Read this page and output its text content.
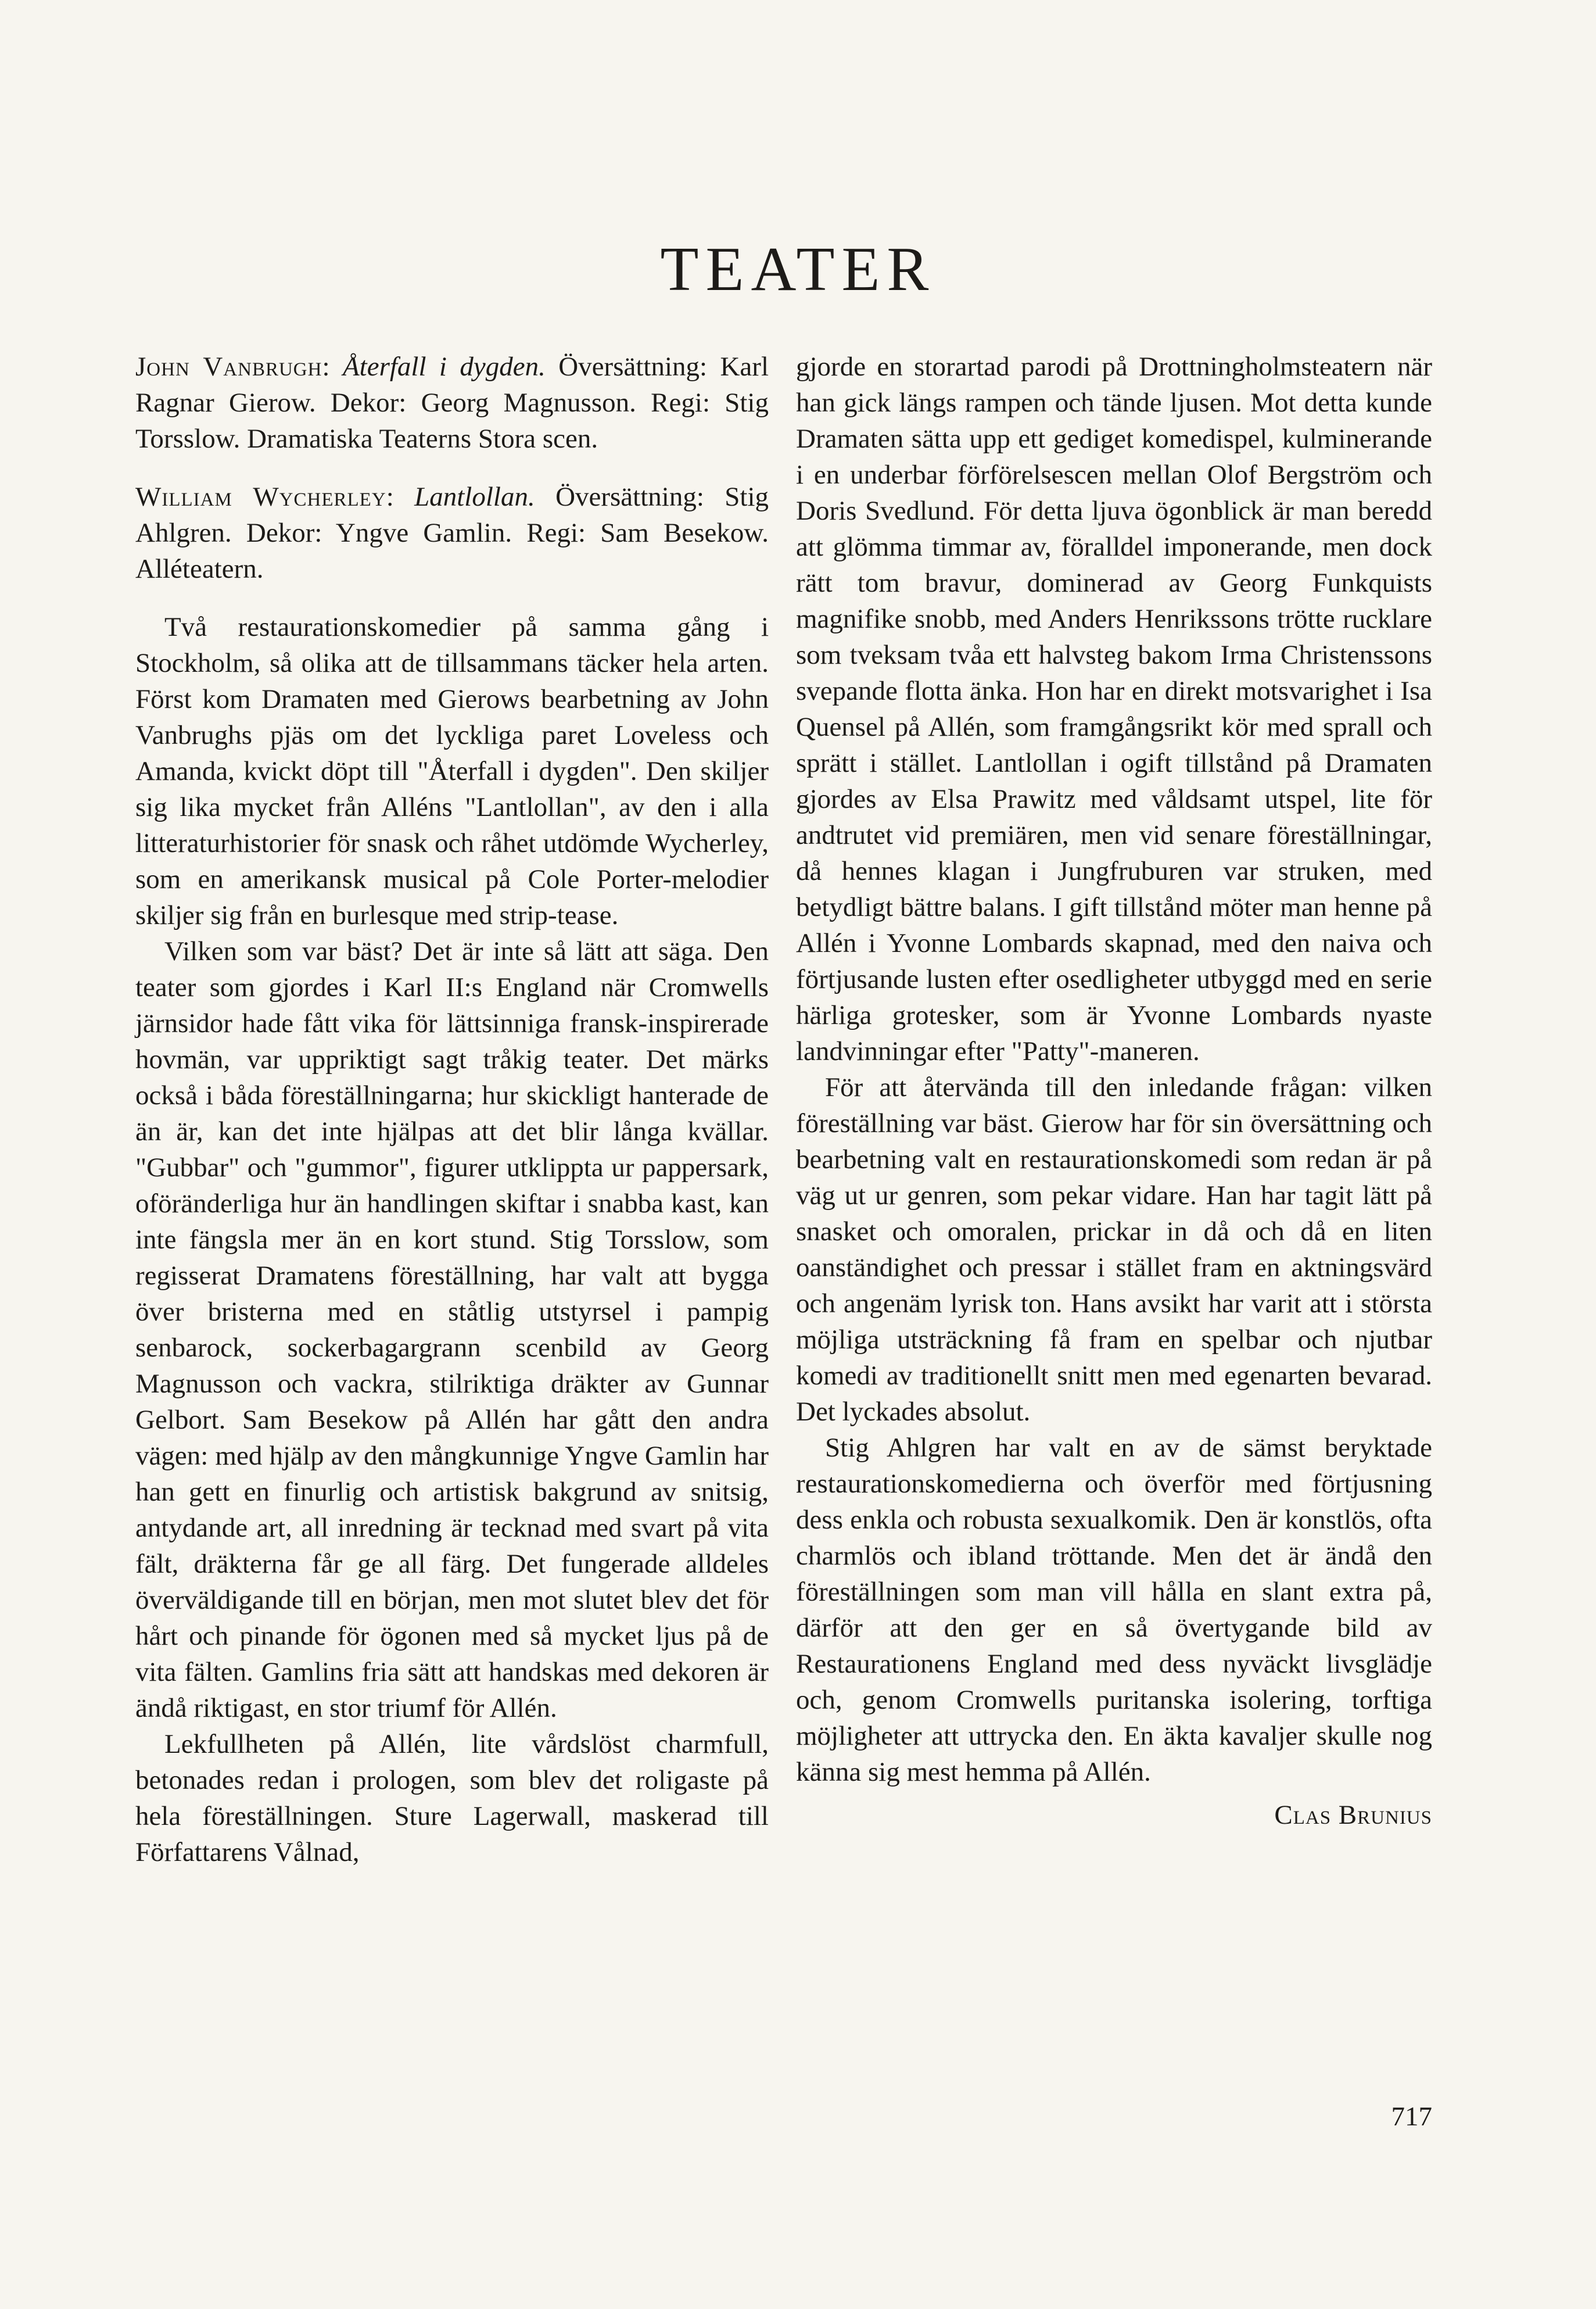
TEATER

John Vanbrugh: Återfall i dygden. Översättning: Karl Ragnar Gierow. Dekor: Georg Magnusson. Regi: Stig Torsslow. Dramatiska Teaterns Stora scen.

William Wycherley: Lantlollan. Översättning: Stig Ahlgren. Dekor: Yngve Gamlin. Regi: Sam Besekow. Alléteatern.

Två restaurationskomedier på samma gång i Stockholm, så olika att de tillsammans täcker hela arten. Först kom Dramaten med Gierows bearbetning av John Vanbrughs pjäs om det lyckliga paret Loveless och Amanda, kvickt döpt till "Återfall i dygden". Den skiljer sig lika mycket från Alléns "Lantlollan", av den i alla litteraturhistorier för snask och råhet utdömde Wycherley, som en amerikansk musical på Cole Porter-melodier skiljer sig från en burlesque med strip-tease.

Vilken som var bäst? Det är inte så lätt att säga. Den teater som gjordes i Karl II:s England när Cromwells järnsidor hade fått vika för lättsinniga fransk-inspirerade hovmän, var uppriktigt sagt tråkig teater. Det märks också i båda föreställningarna; hur skickligt hanterade de än är, kan det inte hjälpas att det blir långa kvällar. "Gubbar" och "gummor", figurer utklippta ur pappersark, oföränderliga hur än handlingen skiftar i snabba kast, kan inte fängsla mer än en kort stund. Stig Torsslow, som regisserat Dramatens föreställning, har valt att bygga över bristerna med en ståtlig utstyrsel i pampig senbarock, sockerbagargrann scenbild av Georg Magnusson och vackra, stilriktiga dräkter av Gunnar Gelbort. Sam Besekow på Allén har gått den andra vägen: med hjälp av den mångkunnige Yngve Gamlin har han gett en finurlig och artistisk bakgrund av snitsig, antydande art, all inredning är tecknad med svart på vita fält, dräkterna får ge all färg. Det fungerade alldeles överväldigande till en början, men mot slutet blev det för hårt och pinande för ögonen med så mycket ljus på de vita fälten. Gamlins fria sätt att handskas med dekoren är ändå riktigast, en stor triumf för Allén.

Lekfullheten på Allén, lite vårdslöst charmfull, betonades redan i prologen, som blev det roligaste på hela föreställningen. Sture Lagerwall, maskerad till Författarens Vålnad,

gjorde en storartad parodi på Drottningholmsteatern när han gick längs rampen och tände ljusen. Mot detta kunde Dramaten sätta upp ett gediget komedispel, kulminerande i en underbar förförelsescen mellan Olof Bergström och Doris Svedlund. För detta ljuva ögonblick är man beredd att glömma timmar av, föralldel imponerande, men dock rätt tom bravur, dominerad av Georg Funkquists magnifike snobb, med Anders Henrikssons trötte rucklare som tveksam tvåa ett halvsteg bakom Irma Christenssons svepande flotta änka. Hon har en direkt motsvarighet i Isa Quensel på Allén, som framgångsrikt kör med sprall och sprätt i stället. Lantlollan i ogift tillstånd på Dramaten gjordes av Elsa Prawitz med våldsamt utspel, lite för andtrutet vid premiären, men vid senare föreställningar, då hennes klagan i Jungfruburen var struken, med betydligt bättre balans. I gift tillstånd möter man henne på Allén i Yvonne Lombards skapnad, med den naiva och förtjusande lusten efter osedligheter utbyggd med en serie härliga grotesker, som är Yvonne Lombards nyaste landvinningar efter "Patty"-maneren.

För att återvända till den inledande frågan: vilken föreställning var bäst. Gierow har för sin översättning och bearbetning valt en restaurationskomedi som redan är på väg ut ur genren, som pekar vidare. Han har tagit lätt på snasket och omoralen, prickar in då och då en liten oanständighet och pressar i stället fram en aktningsvärd och angenäm lyrisk ton. Hans avsikt har varit att i största möjliga utsträckning få fram en spelbar och njutbar komedi av traditionellt snitt men med egenarten bevarad. Det lyckades absolut.

Stig Ahlgren har valt en av de sämst beryktade restaurationskomedierna och överför med förtjusning dess enkla och robusta sexualkomik. Den är konstlös, ofta charmlös och ibland tröttande. Men det är ändå den föreställningen som man vill hålla en slant extra på, därför att den ger en så övertygande bild av Restaurationens England med dess nyväckt livsglädje och, genom Cromwells puritanska isolering, torftiga möjligheter att uttrycka den. En äkta kavaljer skulle nog känna sig mest hemma på Allén.

Clas Brunius
717
